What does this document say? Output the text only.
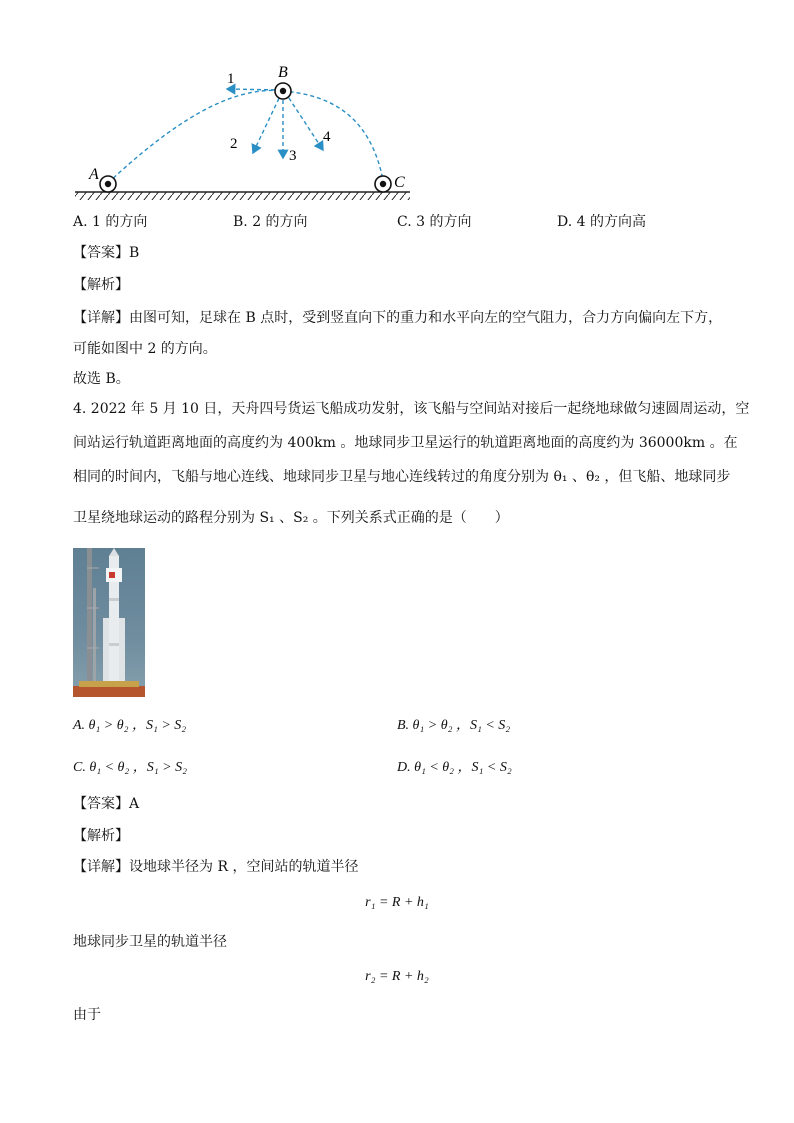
A
B
C
1
2
3
4
A. 1 的方向	B. 2 的方向	C. 3 的方向	D. 4 的方向高
【答案】B
【解析】
【详解】由图可知，足球在 B 点时，受到竖直向下的重力和水平向左的空气阻力，合力方向偏向左下方，
可能如图中 2 的方向。
故选 B。
4. 2022 年 5 月 10 日，天舟四号货运飞船成功发射，该飞船与空间站对接后一起绕地球做匀速圆周运动，空
间站运行轨道距离地面的高度约为 400km 。地球同步卫星运行的轨道距离地面的高度约为 36000km 。在
相同的时间内，飞船与地心连线、地球同步卫星与地心连线转过的角度分别为 θ₁ 、θ₂ ，但飞船、地球同步
卫星绕地球运动的路程分别为 S₁ 、S₂ 。下列关系式正确的是（　　）
A. θ₁ > θ₂ ，S₁ > S₂	B. θ₁ > θ₂ ，S₁ < S₂
C. θ₁ < θ₂ ，S₁ > S₂	D. θ₁ < θ₂ ，S₁ < S₂
【答案】A
【解析】
【详解】设地球半径为 R ，空间站的轨道半径
r₁ = R + h₁
地球同步卫星的轨道半径
r₂ = R + h₂
由于
